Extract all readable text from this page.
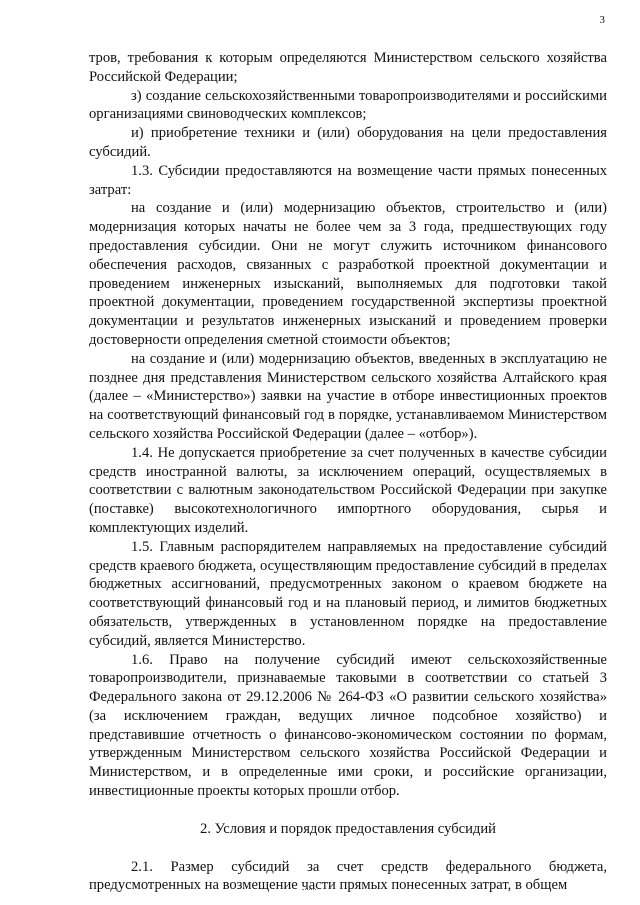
3

тров, требования к которым определяются Министерством сельского хозяйства Российской Федерации;

з) создание сельскохозяйственными товаропроизводителями и российскими организациями свиноводческих комплексов;

и) приобретение техники и (или) оборудования на цели предоставления субсидий.

1.3. Субсидии предоставляются на возмещение части прямых понесенных затрат:

на создание и (или) модернизацию объектов, строительство и (или) модернизация которых начаты не более чем за 3 года, предшествующих году предоставления субсидии. Они не могут служить источником финансового обеспечения расходов, связанных с разработкой проектной документации и проведением инженерных изысканий, выполняемых для подготовки такой проектной документации, проведением государственной экспертизы проектной документации и результатов инженерных изысканий и проведением проверки достоверности определения сметной стоимости объектов;

на создание и (или) модернизацию объектов, введенных в эксплуатацию не позднее дня представления Министерством сельского хозяйства Алтайского края (далее – «Министерство») заявки на участие в отборе инвестиционных проектов на соответствующий финансовый год в порядке, устанавливаемом Министерством сельского хозяйства Российской Федерации (далее – «отбор»).

1.4. Не допускается приобретение за счет полученных в качестве субсидии средств иностранной валюты, за исключением операций, осуществляемых в соответствии с валютным законодательством Российской Федерации при закупке (поставке) высокотехнологичного импортного оборудования, сырья и комплектующих изделий.

1.5. Главным распорядителем направляемых на предоставление субсидий средств краевого бюджета, осуществляющим предоставление субсидий в пределах бюджетных ассигнований, предусмотренных законом о краевом бюджете на соответствующий финансовый год и на плановый период, и лимитов бюджетных обязательств, утвержденных в установленном порядке на предоставление субсидий, является Министерство.

1.6. Право на получение субсидий имеют сельскохозяйственные товаропроизводители, признаваемые таковыми в соответствии со статьей 3 Федерального закона от 29.12.2006 № 264-ФЗ «О развитии сельского хозяйства» (за исключением граждан, ведущих личное подсобное хозяйство) и представившие отчетность о финансово-экономическом состоянии по формам, утвержденным Министерством сельского хозяйства Российской Федерации и Министерством, и в определенные ими сроки, и российские организации, инвестиционные проекты которых прошли отбор.

2. Условия и порядок предоставления субсидий

2.1. Размер субсидий за счет средств федерального бюджета, предусмотренных на возмещение части прямых понесенных затрат, в общем
